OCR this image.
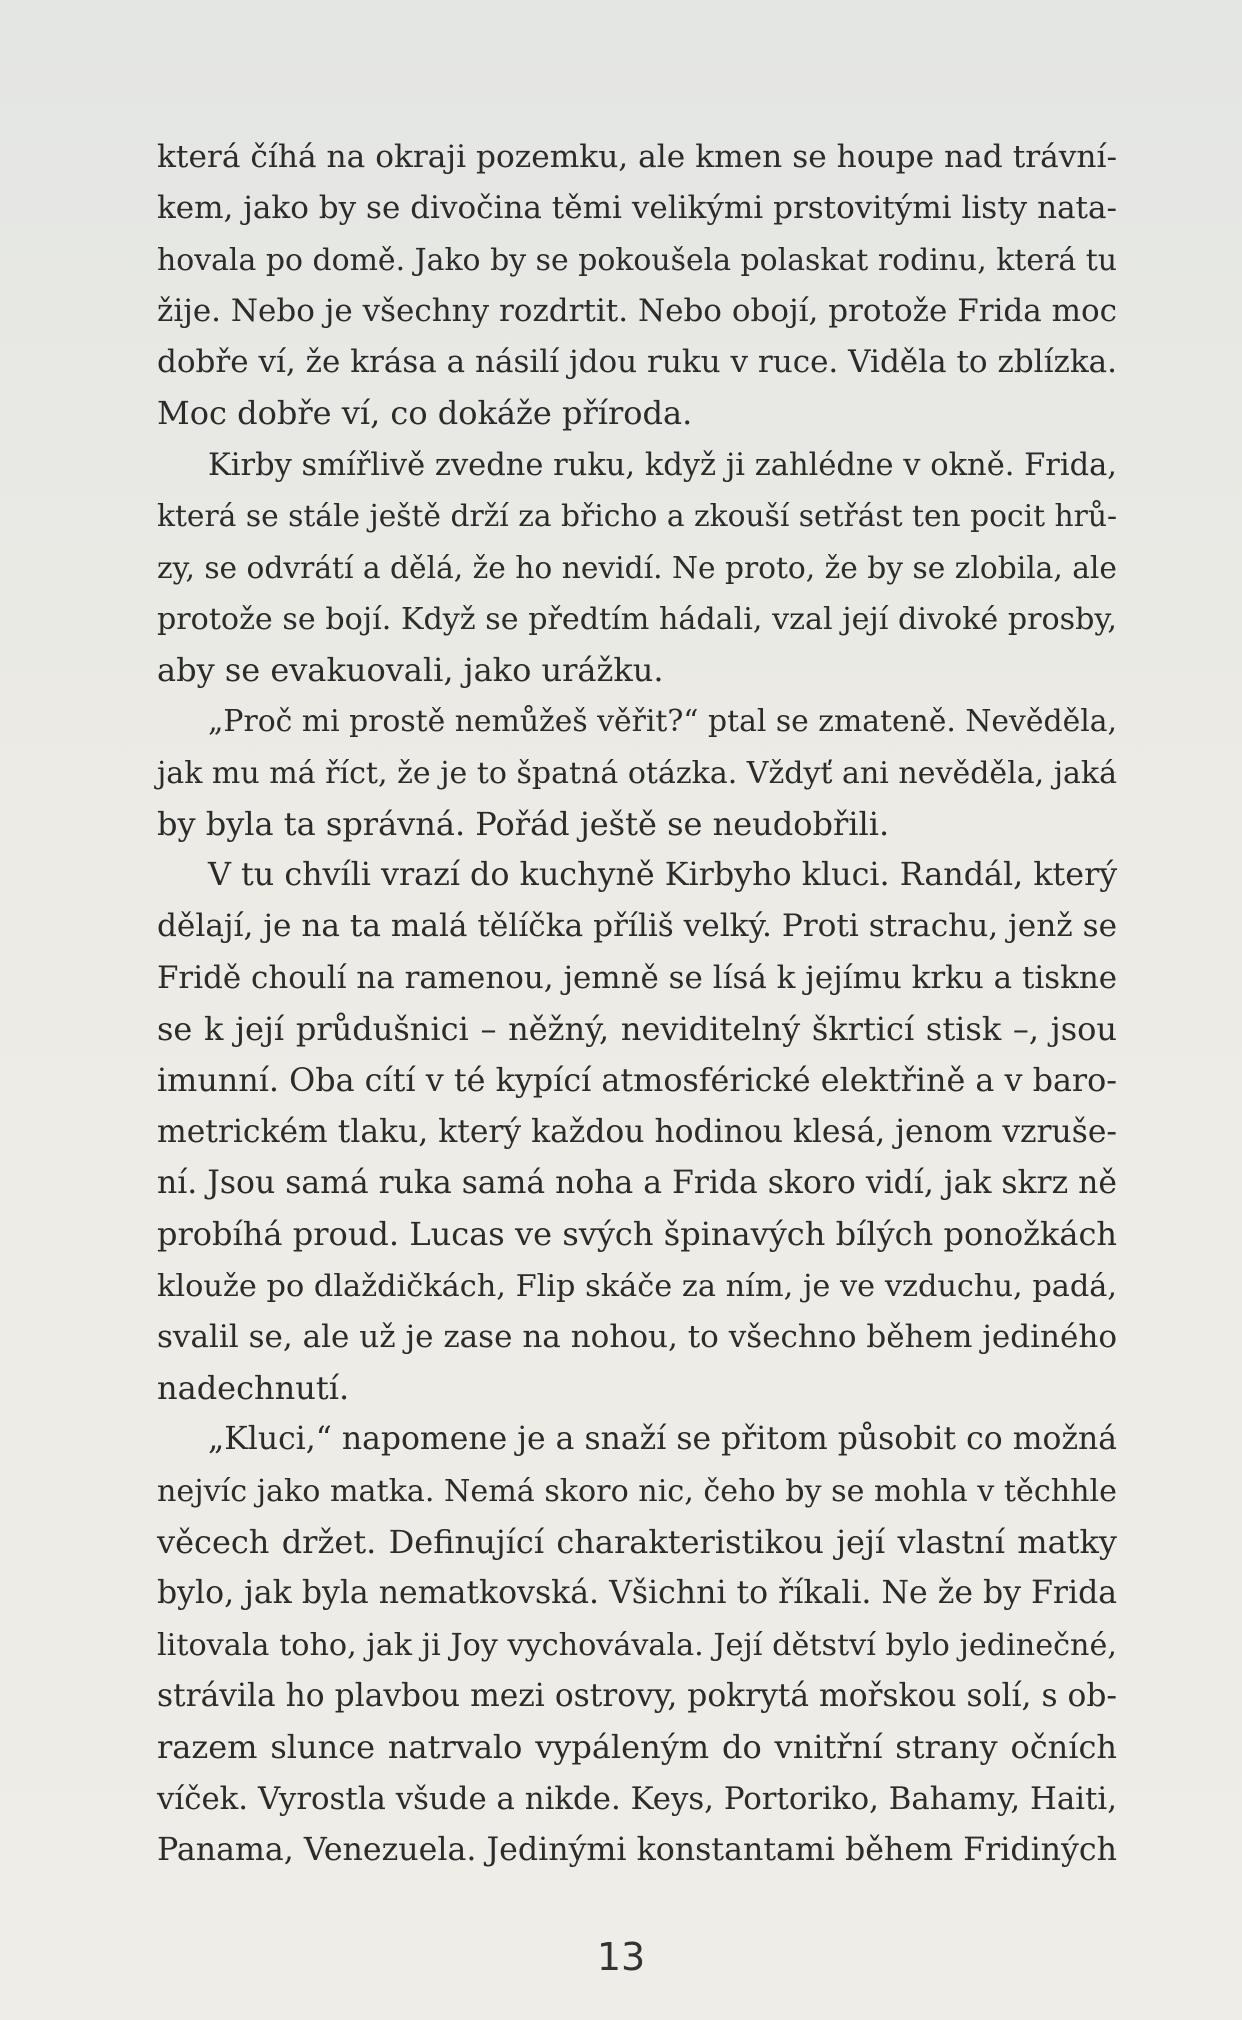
která číhá na okraji pozemku, ale kmen se houpe nad trávní-
kem, jako by se divočina těmi velikými prstovitými listy nata-
hovala po domě. Jako by se pokoušela polaskat rodinu, která tu
žije. Nebo je všechny rozdrtit. Nebo obojí, protože Frida moc
dobře ví, že krása a násilí jdou ruku v ruce. Viděla to zblízka.
Moc dobře ví, co dokáže příroda.
Kirby smířlivě zvedne ruku, když ji zahlédne v okně. Frida,
která se stále ještě drží za břicho a zkouší setřást ten pocit hrů-
zy, se odvrátí a dělá, že ho nevidí. Ne proto, že by se zlobila, ale
protože se bojí. Když se předtím hádali, vzal její divoké prosby,
aby se evakuovali, jako urážku.
„Proč mi prostě nemůžeš věřit?“ ptal se zmateně. Nevěděla,
jak mu má říct, že je to špatná otázka. Vždyť ani nevěděla, jaká
by byla ta správná. Pořád ještě se neudobřili.
V tu chvíli vrazí do kuchyně Kirbyho kluci. Randál, který
dělají, je na ta malá tělíčka příliš velký. Proti strachu, jenž se
Fridě choulí na ramenou, jemně se lísá k jejímu krku a tiskne
se k její průdušnici – něžný, neviditelný škrticí stisk –, jsou
imunní. Oba cítí v té kypící atmosférické elektřině a v baro-
metrickém tlaku, který každou hodinou klesá, jenom vzruše-
ní. Jsou samá ruka samá noha a Frida skoro vidí, jak skrz ně
probíhá proud. Lucas ve svých špinavých bílých ponožkách
klouže po dlaždičkách, Flip skáče za ním, je ve vzduchu, padá,
svalil se, ale už je zase na nohou, to všechno během jediného
nadechnutí.
„Kluci,“ napomene je a snaží se přitom působit co možná
nejvíc jako matka. Nemá skoro nic, čeho by se mohla v těchhle
věcech držet. Definující charakteristikou její vlastní matky
bylo, jak byla nematkovská. Všichni to říkali. Ne že by Frida
litovala toho, jak ji Joy vychovávala. Její dětství bylo jedinečné,
strávila ho plavbou mezi ostrovy, pokrytá mořskou solí, s ob-
razem slunce natrvalo vypáleným do vnitřní strany očních
víček. Vyrostla všude a nikde. Keys, Portoriko, Bahamy, Haiti,
Panama, Venezuela. Jedinými konstantami během Fridiných
13
